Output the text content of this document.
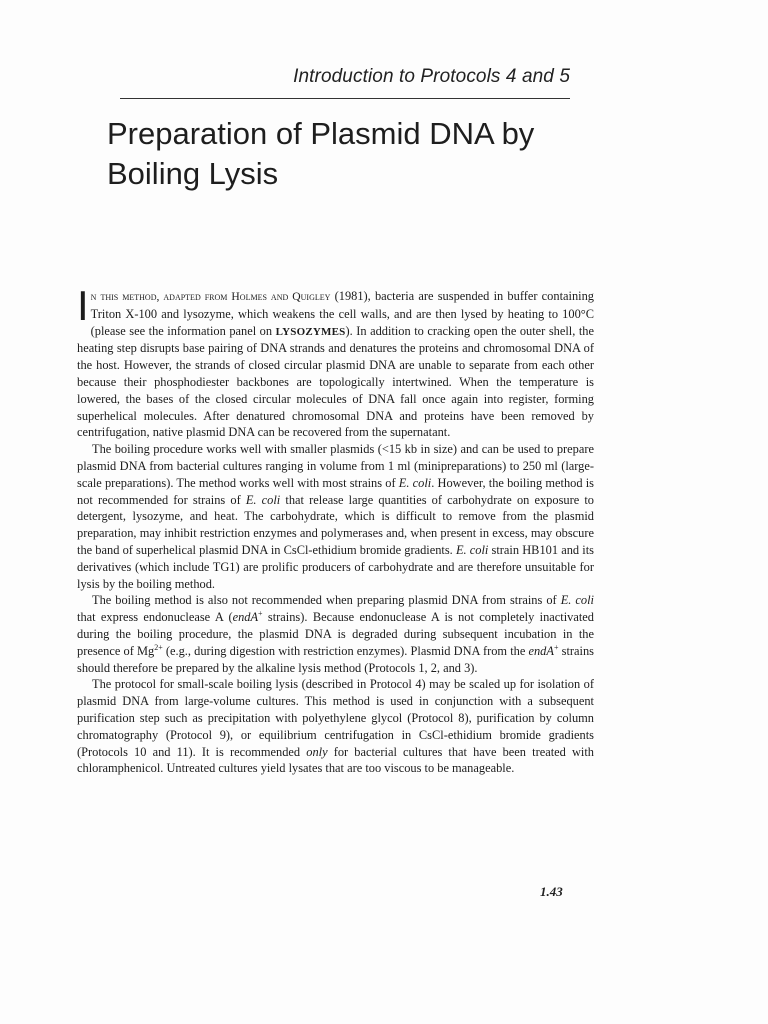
Introduction to Protocols 4 and 5
Preparation of Plasmid DNA by
Boiling Lysis

In this method, adapted from Holmes and Quigley (1981), bacteria are suspended in buffer containing Triton X-100 and lysozyme, which weakens the cell walls, and are then lysed by heating to 100°C (please see the information panel on LYSOZYMES). In addition to cracking open the outer shell, the heating step disrupts base pairing of DNA strands and denatures the proteins and chromosomal DNA of the host. However, the strands of closed circular plasmid DNA are unable to separate from each other because their phosphodiester backbones are topologically intertwined. When the temperature is lowered, the bases of the closed circular molecules of DNA fall once again into register, forming superhelical molecules. After denatured chromosomal DNA and proteins have been removed by centrifugation, native plasmid DNA can be recovered from the supernatant.

The boiling procedure works well with smaller plasmids (<15 kb in size) and can be used to prepare plasmid DNA from bacterial cultures ranging in volume from 1 ml (minipreparations) to 250 ml (large-scale preparations). The method works well with most strains of E. coli. However, the boiling method is not recommended for strains of E. coli that release large quantities of carbohydrate on exposure to detergent, lysozyme, and heat. The carbohydrate, which is difficult to remove from the plasmid preparation, may inhibit restriction enzymes and polymerases and, when present in excess, may obscure the band of superhelical plasmid DNA in CsCl-ethidium bromide gradients. E. coli strain HB101 and its derivatives (which include TG1) are prolific producers of carbohydrate and are therefore unsuitable for lysis by the boiling method.

The boiling method is also not recommended when preparing plasmid DNA from strains of E. coli that express endonuclease A (endA+ strains). Because endonuclease A is not completely inactivated during the boiling procedure, the plasmid DNA is degraded during subsequent incubation in the presence of $Mg^{2+}$ (e.g., during digestion with restriction enzymes). Plasmid DNA from the endA+ strains should therefore be prepared by the alkaline lysis method (Protocols 1, 2, and 3).

The protocol for small-scale boiling lysis (described in Protocol 4) may be scaled up for isolation of plasmid DNA from large-volume cultures. This method is used in conjunction with a subsequent purification step such as precipitation with polyethylene glycol (Protocol 8), purification by column chromatography (Protocol 9), or equilibrium centrifugation in CsCl-ethidium bromide gradients (Protocols 10 and 11). It is recommended only for bacterial cultures that have been treated with chloramphenicol. Untreated cultures yield lysates that are too viscous to be manageable.

1.43
